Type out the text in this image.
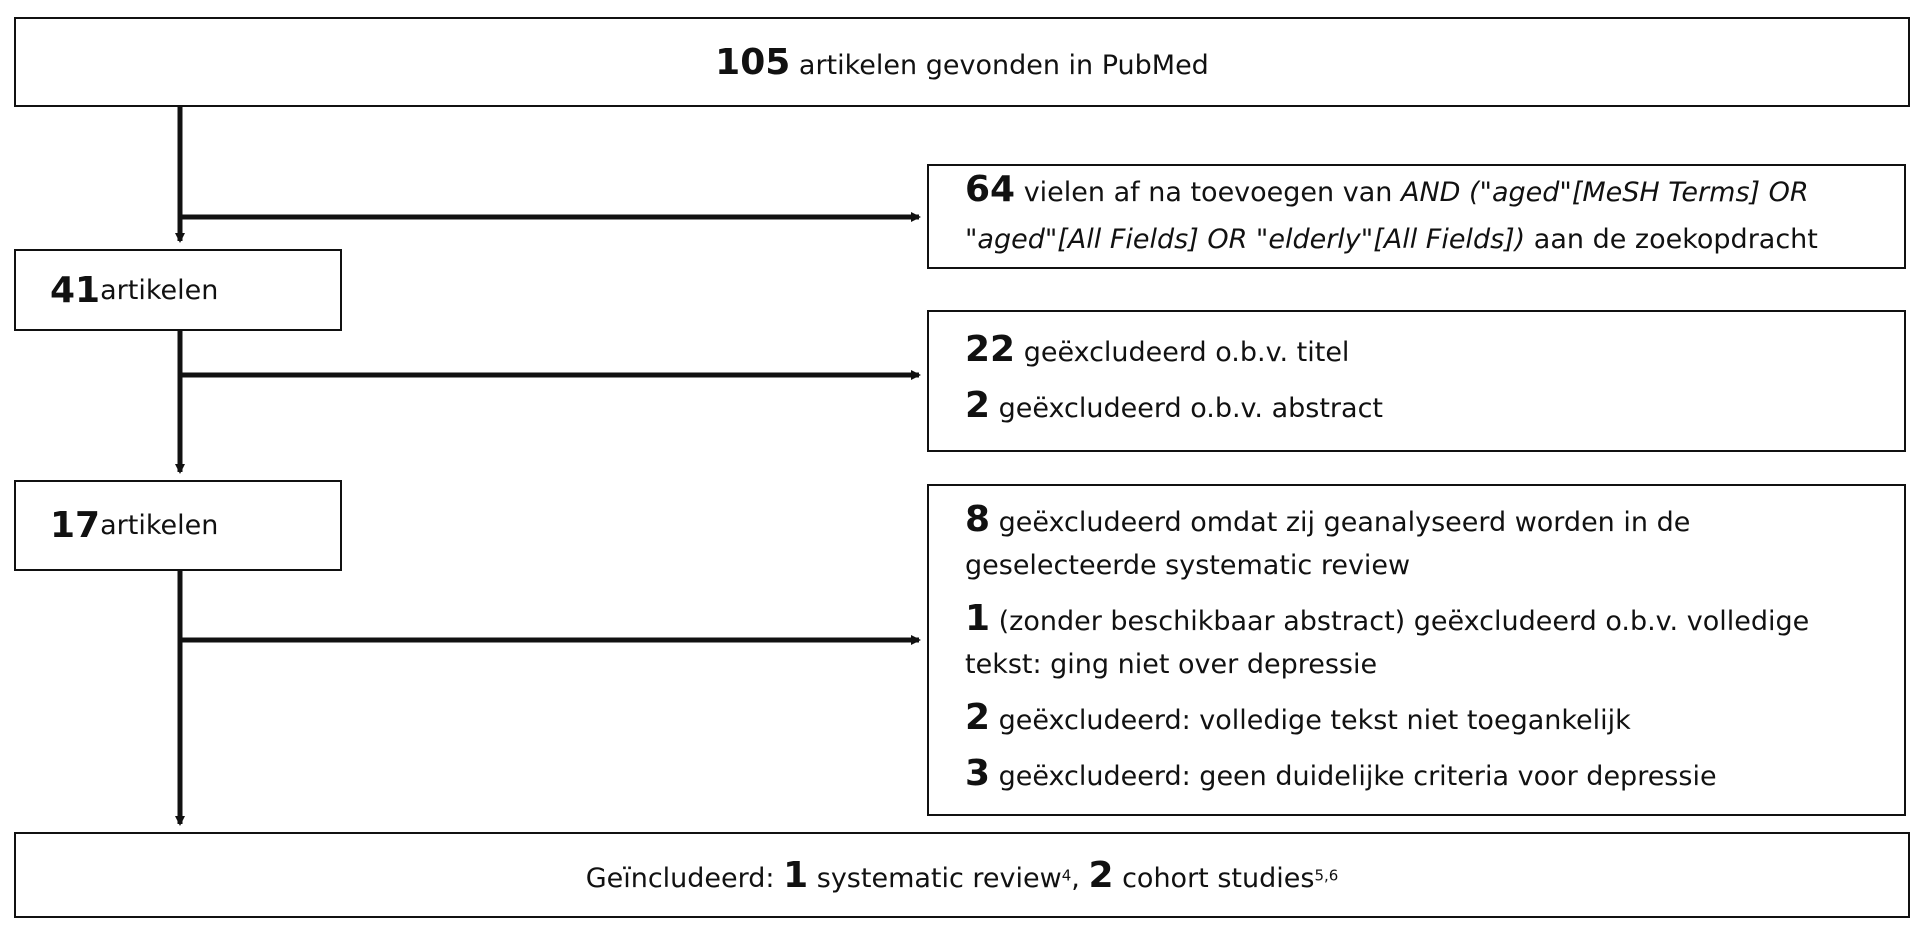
105 artikelen gevonden in PubMed
64 vielen af na toevoegen van AND ("aged"[MeSH Terms] OR
"aged"[All Fields] OR "elderly"[All Fields]) aan de zoekopdracht
41 artikelen
22 geëxcludeerd o.b.v. titel
2 geëxcludeerd o.b.v. abstract
17 artikelen	8 geëxcludeerd omdat zij geanalyseerd worden in de
geselecteerde systematic review
1 (zonder beschikbaar abstract) geëxcludeerd o.b.v. volledige
tekst: ging niet over depressie
2 geëxcludeerd: volledige tekst niet toegankelijk
3 geëxcludeerd: geen duidelijke criteria voor depressie
Geïncludeerd: 1 systematic review$^4$, 2 cohort studies$^{5,6}$
